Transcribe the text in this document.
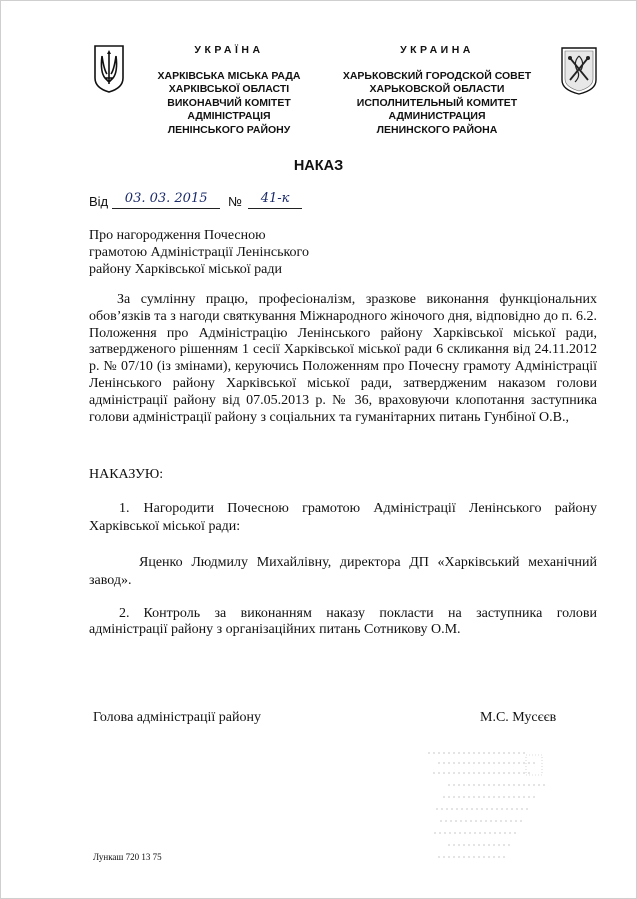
УКРАЇНА
ХАРКІВСЬКА МІСЬКА РАДА
ХАРКІВСЬКОЇ ОБЛАСТІ
ВИКОНАВЧИЙ КОМІТЕТ
АДМІНІСТРАЦІЯ
ЛЕНІНСЬКОГО РАЙОНУ
УКРАИНА
ХАРЬКОВСКИЙ ГОРОДСКОЙ СОВЕТ
ХАРЬКОВСКОЙ ОБЛАСТИ
ИСПОЛНИТЕЛЬНЫЙ КОМИТЕТ
АДМИНИСТРАЦИЯ
ЛЕНИНСКОГО РАЙОНА
НАКАЗ
Від	03. 03. 2015	№	41-к
Про нагородження Почесною
грамотою Адміністрації Ленінського
району Харківської міської ради
За сумлінну працю, професіоналізм, зразкове виконання функціональних обов’язків та з нагоди святкування Міжнародного жіночого дня, відповідно до п. 6.2. Положення про Адміністрацію Ленінського району Харківської міської ради, затвердженого рішенням 1 сесії Харківської міської ради 6 скликання від 24.11.2012 р. № 07/10 (із змінами), керуючись Положенням про Почесну грамоту Адміністрації Ленінського району Харківської міської ради, затвердженим наказом голови адміністрації району від 07.05.2013 р. № 36, враховуючи клопотання заступника голови адміністрації району з соціальних та гуманітарних питань Гунбіної О.В.,
НАКАЗУЮ:
1. Нагородити Почесною грамотою Адміністрації Ленінського району Харківської міської ради:
Яценко Людмилу Михайлівну, директора ДП «Харківський механічний завод».
2. Контроль за виконанням наказу покласти на заступника голови адміністрації району з організаційних питань Сотникову О.М.
Голова адміністрації району	М.С. Мусєєв
Лункаш 720 13 75
